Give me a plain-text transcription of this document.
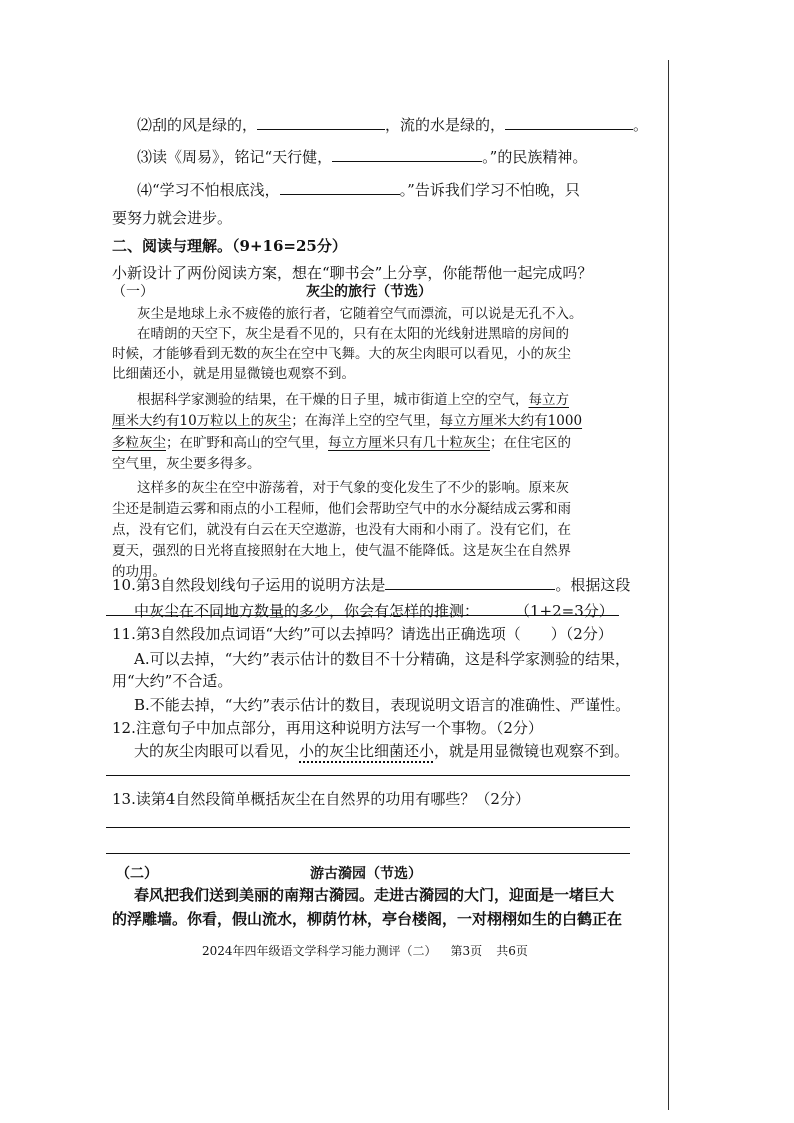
⑵刮的风是绿的，	，流的水是绿的，	。
⑶读《周易》，铭记“天行健，	。”的民族精神。
⑷“学习不怕根底浅，	。”告诉我们学习不怕晚，只
要努力就会进步。
二、阅读与理解。（9+16=25分）
小新设计了两份阅读方案，想在“聊书会”上分享，你能帮他一起完成吗？
（一）	灰尘的旅行（节选）
灰尘是地球上永不疲倦的旅行者，它随着空气而漂流，可以说是无孔不入。
在晴朗的天空下，灰尘是看不见的，只有在太阳的光线射进黑暗的房间的
时候，才能够看到无数的灰尘在空中飞舞。大的灰尘肉眼可以看见，小的灰尘
比细菌还小，就是用显微镜也观察不到。
根据科学家测验的结果，在干燥的日子里，城市街道上空的空气，每立方
厘米大约有10万粒以上的灰尘；在海洋上空的空气里，每立方厘米大约有1000
多粒灰尘；在旷野和高山的空气里，每立方厘米只有几十粒灰尘；在住宅区的
空气里，灰尘要多得多。
这样多的灰尘在空中游荡着，对于气象的变化发生了不少的影响。原来灰
尘还是制造云雾和雨点的小工程师，他们会帮助空气中的水分凝结成云雾和雨
点，没有它们，就没有白云在天空遨游，也没有大雨和小雨了。没有它们，在
夏天，强烈的日光将直接照射在大地上，使气温不能降低。这是灰尘在自然界
的功用。
10.第3自然段划线句子运用的说明方法是	。根据这段
中灰尘在不同地方数量的多少，你会有怎样的推测：	（1+2=3分）
11.第3自然段加点词语“大约”可以去掉吗？请选出正确选项（　　）（2分）
A.可以去掉，“大约”表示估计的数目不十分精确，这是科学家测验的结果，
用“大约”不合适。
B.不能去掉，“大约”表示估计的数目，表现说明文语言的准确性、严谨性。
12.注意句子中加点部分，再用这种说明方法写一个事物。（2分）
大的灰尘肉眼可以看见，小的灰尘比细菌还小，就是用显微镜也观察不到。
13.读第4自然段简单概括灰尘在自然界的功用有哪些？（2分）
（二）	游古漪园（节选）
春风把我们送到美丽的南翔古漪园。走进古漪园的大门，迎面是一堵巨大
的浮雕墙。你看，假山流水，柳荫竹林，亭台楼阁，一对栩栩如生的白鹤正在
2024年四年级语文学科学习能力测评（二） 第3页 共6页
